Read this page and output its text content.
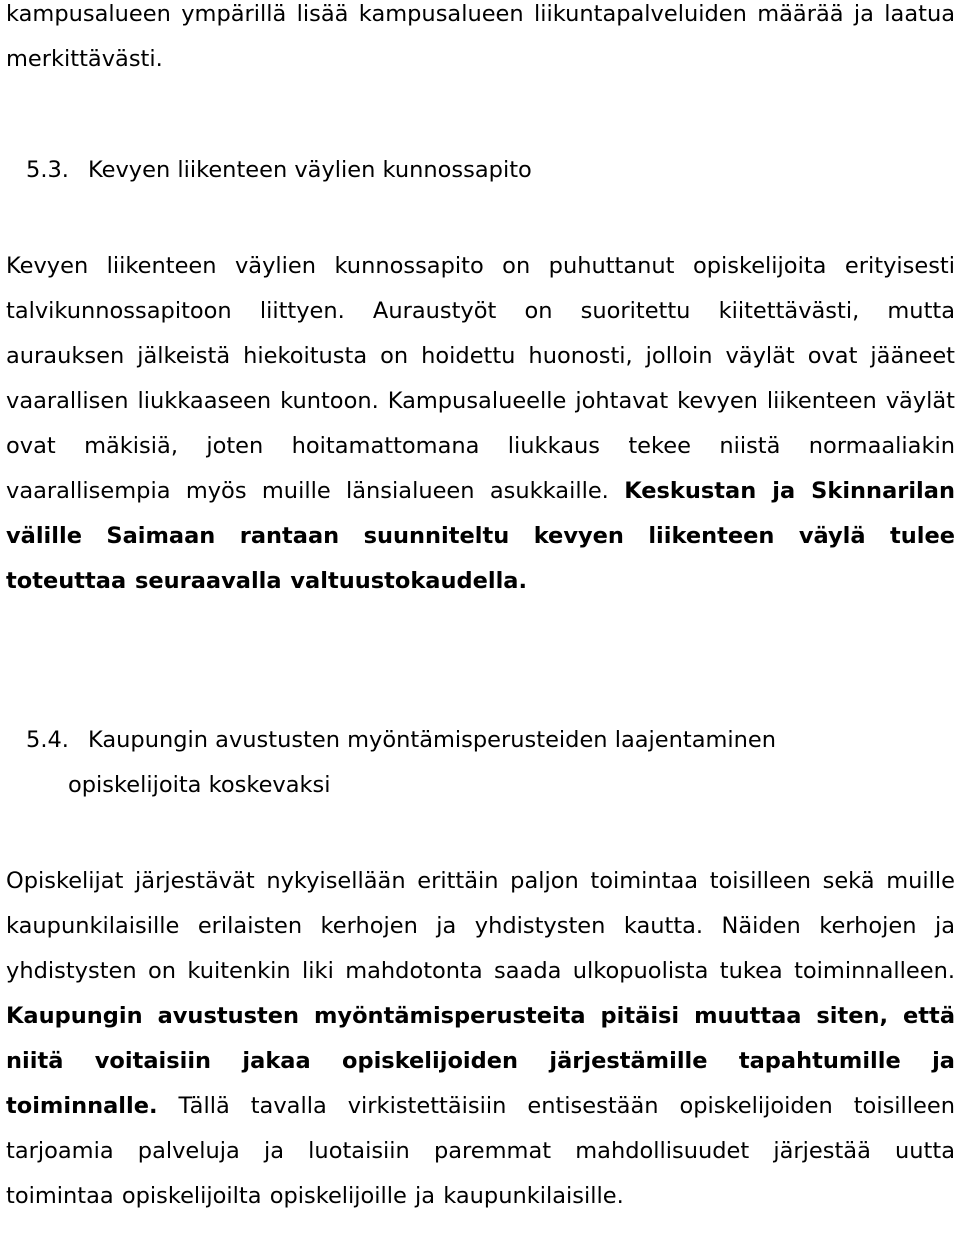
kampusalueen ympärillä lisää kampusalueen liikuntapalveluiden määrää ja laatua merkittävästi.

5.3. Kevyen liikenteen väylien kunnossapito

Kevyen liikenteen väylien kunnossapito on puhuttanut opiskelijoita erityisesti talvikunnossapitoon liittyen. Auraustyöt on suoritettu kiitettävästi, mutta aurauksen jälkeistä hiekoitusta on hoidettu huonosti, jolloin väylät ovat jääneet vaarallisen liukkaaseen kuntoon. Kampusalueelle johtavat kevyen liikenteen väylät ovat mäkisiä, joten hoitamattomana liukkaus tekee niistä normaaliakin vaarallisempia myös muille länsialueen asukkaille. Keskustan ja Skinnarilan välille Saimaan rantaan suunniteltu kevyen liikenteen väylä tulee toteuttaa seuraavalla valtuustokaudella.

5.4. Kaupungin avustusten myöntämisperusteiden laajentaminen
opiskelijoita koskevaksi

Opiskelijat järjestävät nykyisellään erittäin paljon toimintaa toisilleen sekä muille kaupunkilaisille erilaisten kerhojen ja yhdistysten kautta. Näiden kerhojen ja yhdistysten on kuitenkin liki mahdotonta saada ulkopuolista tukea toiminnalleen. Kaupungin avustusten myöntämisperusteita pitäisi muuttaa siten, että niitä voitaisiin jakaa opiskelijoiden järjestämille tapahtumille ja toiminnalle. Tällä tavalla virkistettäisiin entisestään opiskelijoiden toisilleen tarjoamia palveluja ja luotaisiin paremmat mahdollisuudet järjestää uutta toimintaa opiskelijoilta opiskelijoille ja kaupunkilaisille.
